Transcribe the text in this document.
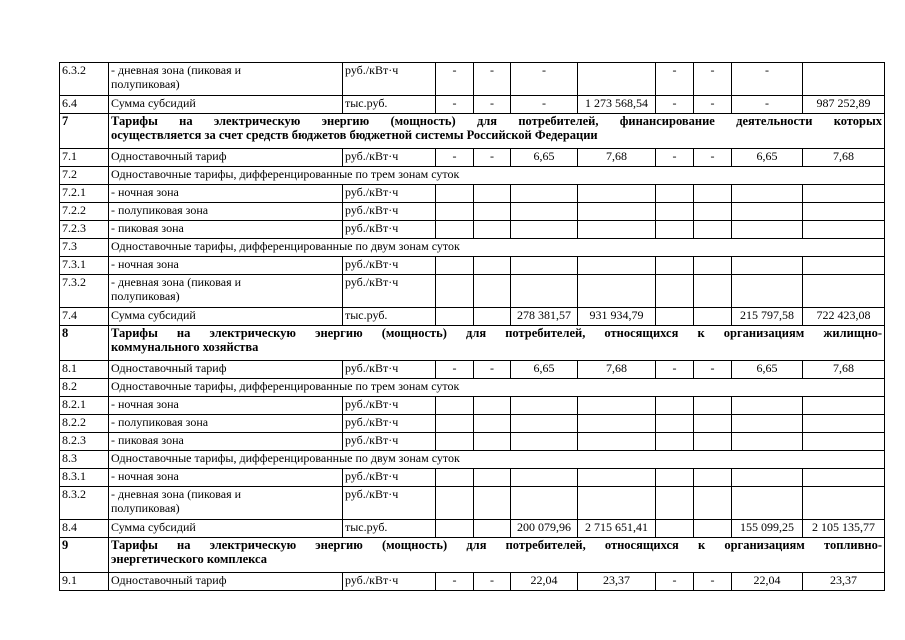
6.3.2	- дневная зона (пиковая и
полупиковая)	руб./кВт·ч	-	-	-		-	-	-	
6.4	Сумма субсидий	тыс.руб.	-	-	-	1 273 568,54	-	-	-	987 252,89
7	Тарифы на электрическую энергию (мощность) для потребителей, финансирование деятельности которых
осуществляется за счет средств бюджетов бюджетной системы Российской Федерации									

7.1	Одноставочный тариф	руб./кВт·ч	-	-	6,65	7,68	-	-	6,65	7,68
7.2	Одноставочные тарифы, дифференцированные по трем зонам суток									
7.2.1	- ночная зона	руб./кВт·ч								
7.2.2	- полупиковая зона	руб./кВт·ч								
7.2.3	- пиковая зона	руб./кВт·ч								
7.3	Одноставочные тарифы, дифференцированные по двум зонам суток									
7.3.1	- ночная зона	руб./кВт·ч								
7.3.2	- дневная зона (пиковая и
полупиковая)	руб./кВт·ч								
7.4	Сумма субсидий	тыс.руб.			278 381,57	931 934,79			215 797,58	722 423,08
8	Тарифы на электрическую энергию (мощность) для потребителей, относящихся к организациям жилищно-
коммунального хозяйства									

8.1	Одноставочный тариф	руб./кВт·ч	-	-	6,65	7,68	-	-	6,65	7,68
8.2	Одноставочные тарифы, дифференцированные по трем зонам суток									
8.2.1	- ночная зона	руб./кВт·ч								
8.2.2	- полупиковая зона	руб./кВт·ч								
8.2.3	- пиковая зона	руб./кВт·ч								
8.3	Одноставочные тарифы, дифференцированные по двум зонам суток									
8.3.1	- ночная зона	руб./кВт·ч								
8.3.2	- дневная зона (пиковая и
полупиковая)	руб./кВт·ч								
8.4	Сумма субсидий	тыс.руб.			200 079,96	2 715 651,41			155 099,25	2 105 135,77
9	Тарифы на электрическую энергию (мощность) для потребителей, относящихся к организациям топливно-
энергетического комплекса									

9.1	Одноставочный тариф	руб./кВт·ч	-	-	22,04	23,37	-	-	22,04	23,37
